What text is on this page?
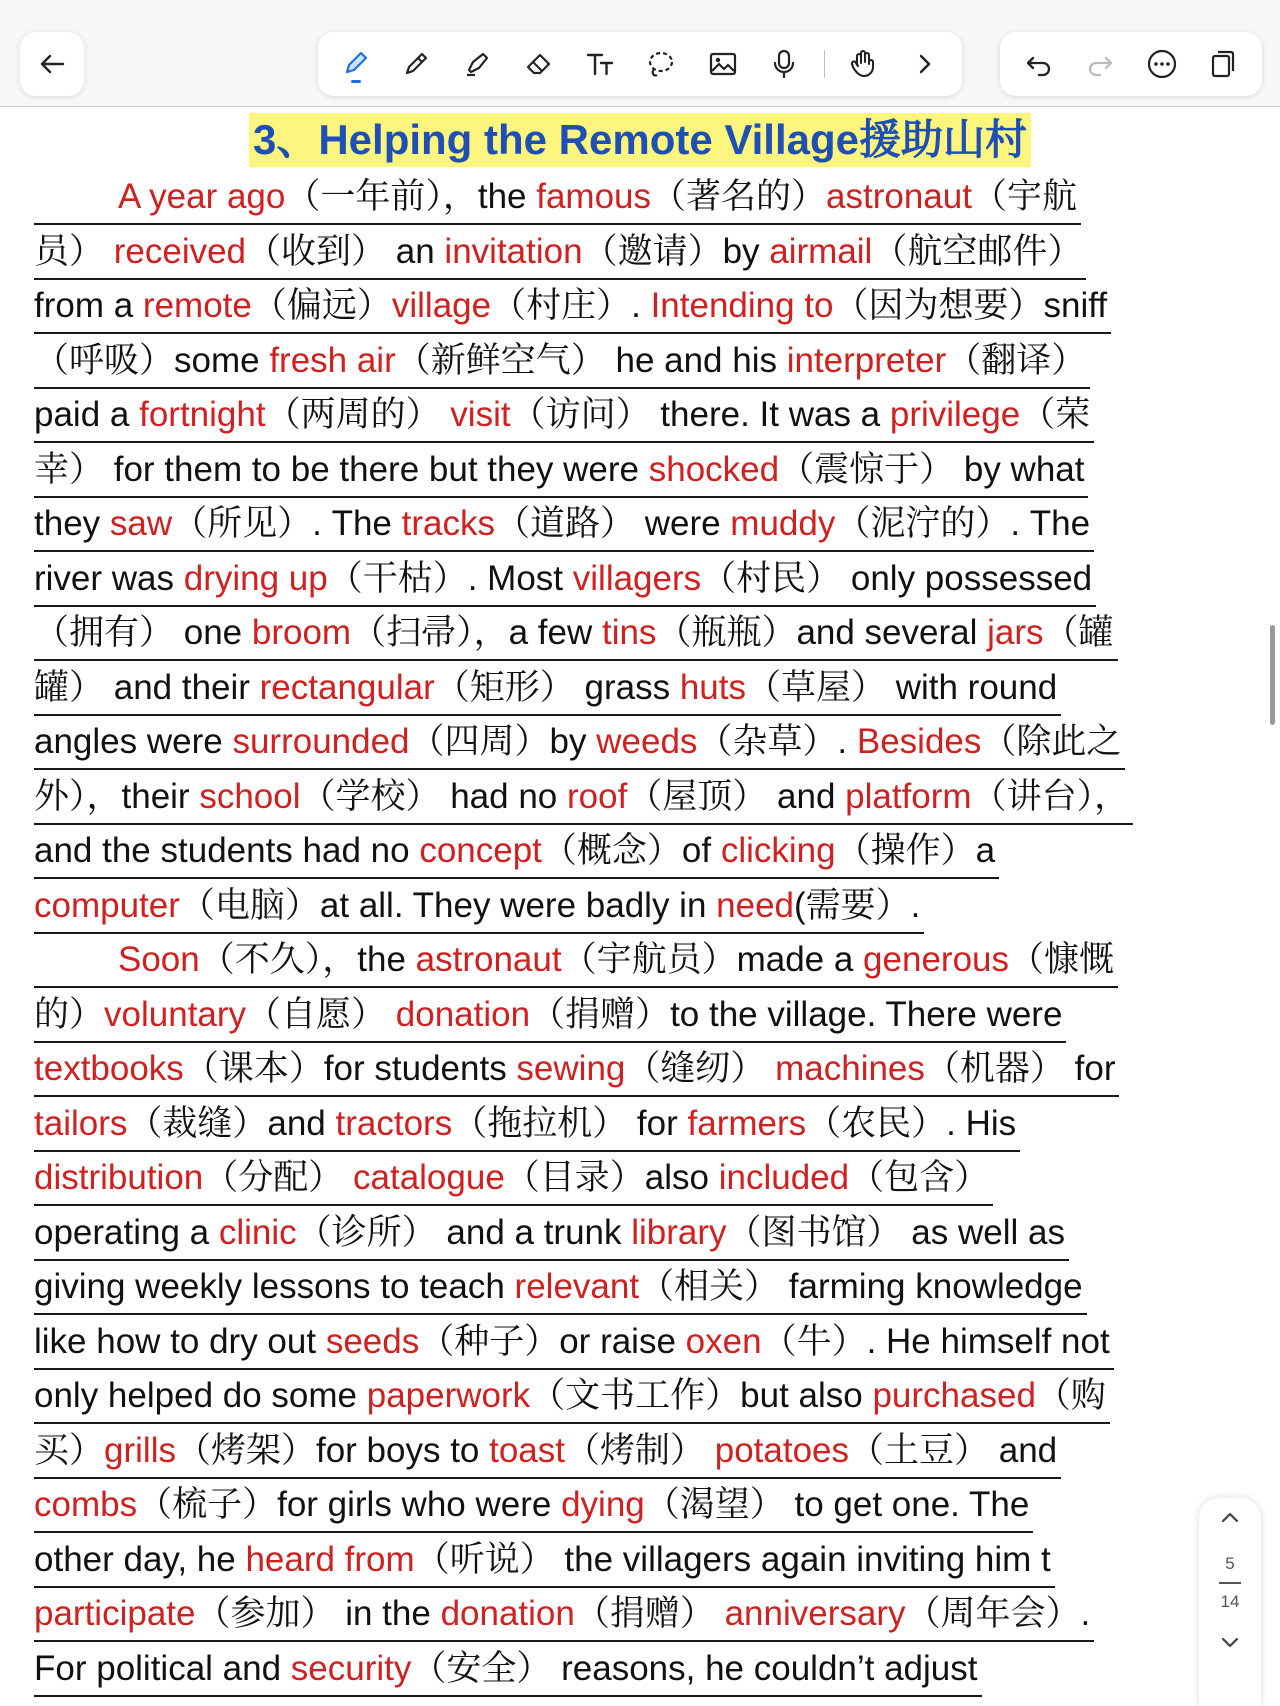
3、Helping the Remote Village援助山村
A year ago（一年前），the famous（著名的）astronaut（宇航
员） received（收到） an invitation（邀请）by airmail（航空邮件）
from a remote（偏远）village（村庄）. Intending to（因为想要）sniff
（呼吸）some fresh air（新鲜空气） he and his interpreter（翻译）
paid a fortnight（两周的） visit（访问） there. It was a privilege（荣
幸） for them to be there but they were shocked（震惊于） by what
they saw（所见）. The tracks（道路） were muddy（泥泞的）. The
river was drying up（干枯）. Most villagers（村民） only possessed
（拥有） one broom（扫帚），a few tins（瓶瓶）and several jars（罐
罐） and their rectangular（矩形） grass huts（草屋） with round
angles were surrounded（四周）by weeds（杂草）. Besides（除此之
外），their school（学校） had no roof（屋顶） and platform（讲台），
and the students had no concept（概念）of clicking（操作）a
computer（电脑）at all. They were badly in need(需要）.
Soon（不久），the astronaut（宇航员）made a generous（慷慨
的）voluntary（自愿） donation（捐赠）to the village. There were
textbooks（课本）for students sewing（缝纫） machines（机器） for
tailors（裁缝）and tractors（拖拉机） for farmers（农民）. His
distribution（分配） catalogue（目录）also included（包含）
operating a clinic（诊所） and a trunk library（图书馆） as well as
giving weekly lessons to teach relevant（相关） farming knowledge
like how to dry out seeds（种子）or raise oxen（牛）. He himself not
only helped do some paperwork（文书工作）but also purchased（购
买）grills（烤架）for boys to toast（烤制） potatoes（土豆） and
combs（梳子）for girls who were dying（渴望） to get one. The
other day, he heard from（听说） the villagers again inviting him t
participate（参加） in the donation（捐赠） anniversary（周年会）.
For political and security（安全） reasons, he couldn’t adjust
5
14
